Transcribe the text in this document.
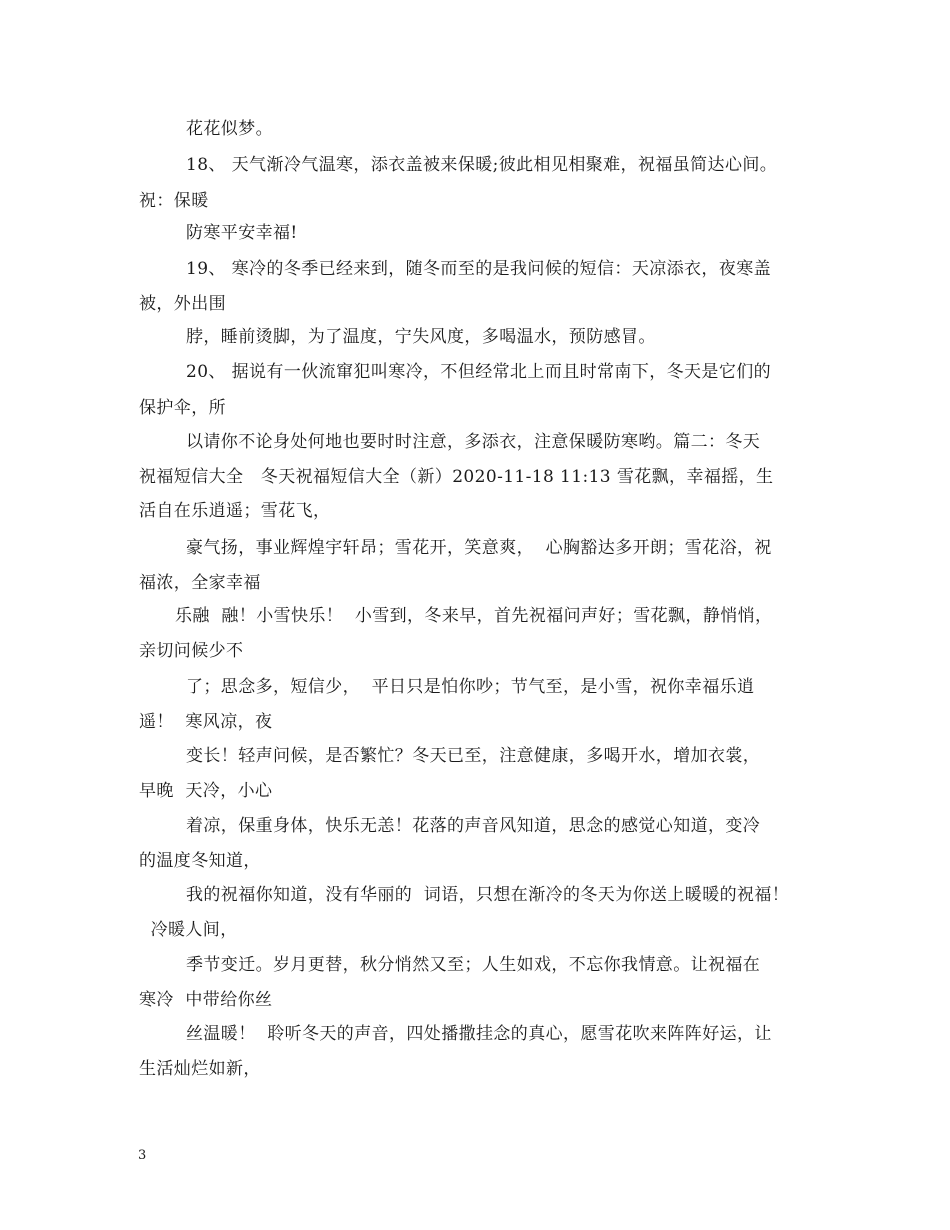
花花似梦。
18、 天气渐冷气温寒，添衣盖被来保暖;彼此相见相聚难，祝福虽简达心间。
祝：保暖
防寒平安幸福!
19、 寒冷的冬季已经来到，随冬而至的是我问候的短信：天凉添衣，夜寒盖
被，外出围
脖，睡前烫脚，为了温度，宁失风度，多喝温水，预防感冒。
20、 据说有一伙流窜犯叫寒冷，不但经常北上而且时常南下，冬天是它们的
保护伞，所
以请你不论身处何地也要时时注意，多添衣，注意保暖防寒哟。篇二：冬天
祝福短信大全　冬天祝福短信大全（新）2020-11-18 11:13 雪花飘，幸福摇，生
活自在乐逍遥；雪花飞，
豪气扬，事业辉煌宇轩昂；雪花开，笑意爽，  心胸豁达多开朗；雪花浴，祝
福浓，全家幸福
乐融  融！小雪快乐！  小雪到，冬来早，首先祝福问声好；雪花飘，静悄悄，
亲切问候少不
了；思念多，短信少，  平日只是怕你吵；节气至，是小雪，祝你幸福乐逍
遥！  寒风凉，夜
变长！轻声问候，是否繁忙？冬天已至，注意健康，多喝开水，增加衣裳，
早晚  天冷，小心
着凉，保重身体，快乐无恙！花落的声音风知道，思念的感觉心知道，变冷
的温度冬知道，
我的祝福你知道，没有华丽的  词语，只想在渐冷的冬天为你送上暖暖的祝福！
冷暖人间，
季节变迁。岁月更替，秋分悄然又至；人生如戏，不忘你我情意。让祝福在
寒冷  中带给你丝
丝温暖！  聆听冬天的声音，四处播撒挂念的真心，愿雪花吹来阵阵好运，让
生活灿烂如新，
3
